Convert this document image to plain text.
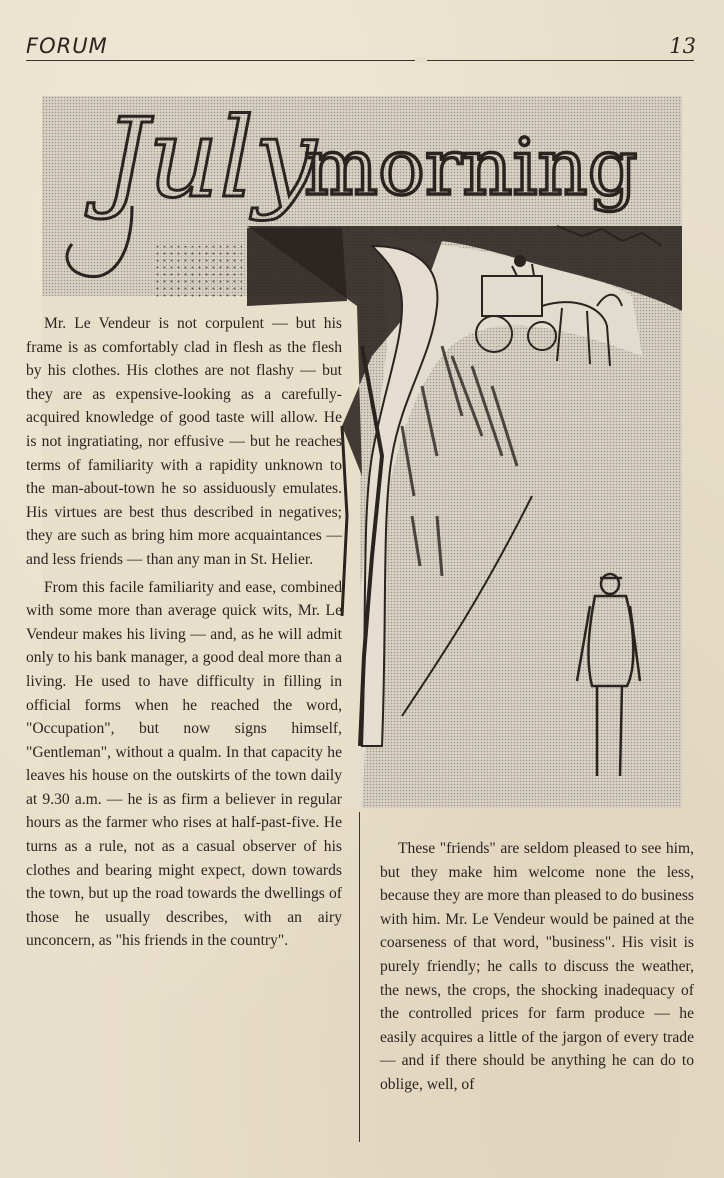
FORUM	13
July
morning

Mr. Le Vendeur is not corpulent — but his frame is as comfortably clad in flesh as the flesh by his clothes. His clothes are not flashy — but they are as expensive-looking as a carefully-acquired knowledge of good taste will allow. He is not ingratiating, nor effusive — but he reaches terms of familiarity with a rapidity unknown to the man-about-town he so assiduously emulates. His virtues are best thus described in negatives; they are such as bring him more acquaintances — and less friends — than any man in St. Helier.

From this facile familiarity and ease, combined with some more than average quick wits, Mr. Le Vendeur makes his living — and, as he will admit only to his bank manager, a good deal more than a living. He used to have difficulty in filling in official forms when he reached the word, "Occupation", but now signs himself, "Gentleman", without a qualm. In that capacity he leaves his house on the outskirts of the town daily at 9.30 a.m. — he is as firm a believer in regular hours as the farmer who rises at half-past-five. He turns as a rule, not as a casual observer of his clothes and bearing might expect, down towards the town, but up the road towards the dwellings of those he usually describes, with an airy unconcern, as "his friends in the country".

These "friends" are seldom pleased to see him, but they make him welcome none the less, because they are more than pleased to do business with him. Mr. Le Vendeur would be pained at the coarseness of that word, "business". His visit is purely friendly; he calls to discuss the weather, the news, the crops, the shocking inadequacy of the controlled prices for farm produce — he easily acquires a little of the jargon of every trade — and if there should be anything he can do to oblige, well, of
